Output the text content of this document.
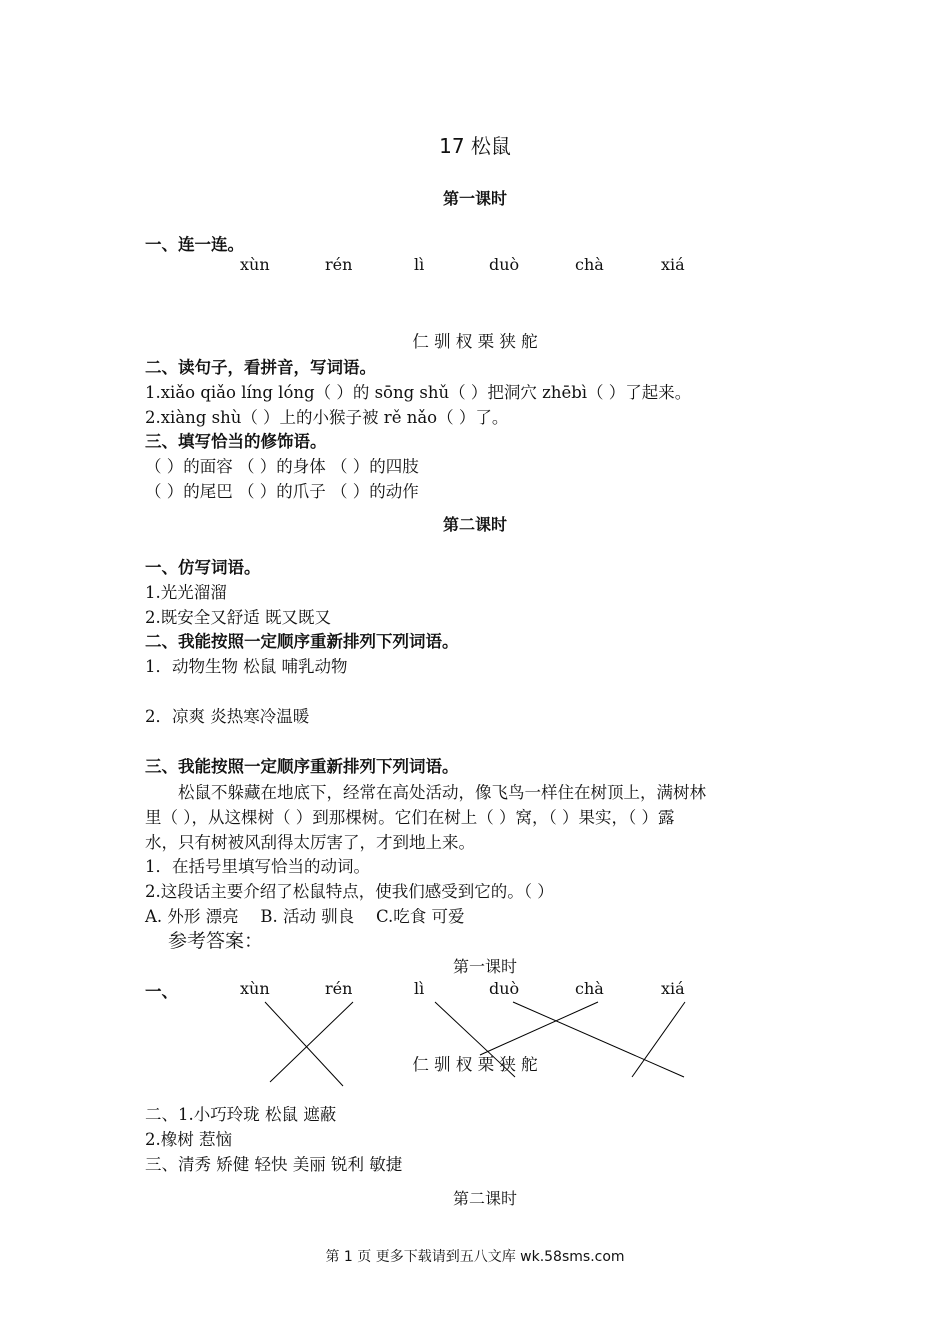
17 松鼠
第一课时
一、连一连。
xùn	rén	lì	duò	chà	xiá
仁 驯 杈 栗 狭 舵
二、读句子，看拼音，写词语。
1.xiǎo qiǎo líng lóng（ ）的 sōng shǔ（ ）把洞穴 zhēbì（ ）了起来。
2.xiàng shù（ ）上的小猴子被 rě nǎo（ ）了。
三、填写恰当的修饰语。
（ ）的面容 （ ）的身体 （ ）的四肢
（ ）的尾巴 （ ）的爪子 （ ）的动作
第二课时
一、仿写词语。
1.光光溜溜
2.既安全又舒适 既又既又
二、我能按照一定顺序重新排列下列词语。
1．动物生物 松鼠 哺乳动物
2．凉爽 炎热寒冷温暖
三、我能按照一定顺序重新排列下列词语。
　　松鼠不躲藏在地底下，经常在高处活动，像飞鸟一样住在树顶上，满树林
里（ ），从这棵树（ ）到那棵树。它们在树上（ ）窝，（ ）果实，（ ）露
水，只有树被风刮得太厉害了，才到地上来。
1．在括号里填写恰当的动词。
2.这段话主要介绍了松鼠特点，使我们感受到它的。（ ）
A. 外形 漂亮　 B. 活动 驯良　 C.吃食 可爱
参考答案：
第一课时
一、	xùn	rén	lì	duò	chà	xiá
仁 驯 杈 栗 狭 舵
二、1.小巧玲珑 松鼠 遮蔽
2.橡树 惹恼
三、清秀 矫健 轻快 美丽 锐利 敏捷
第二课时
第 1 页 更多下载请到五八文库 wk.58sms.com
